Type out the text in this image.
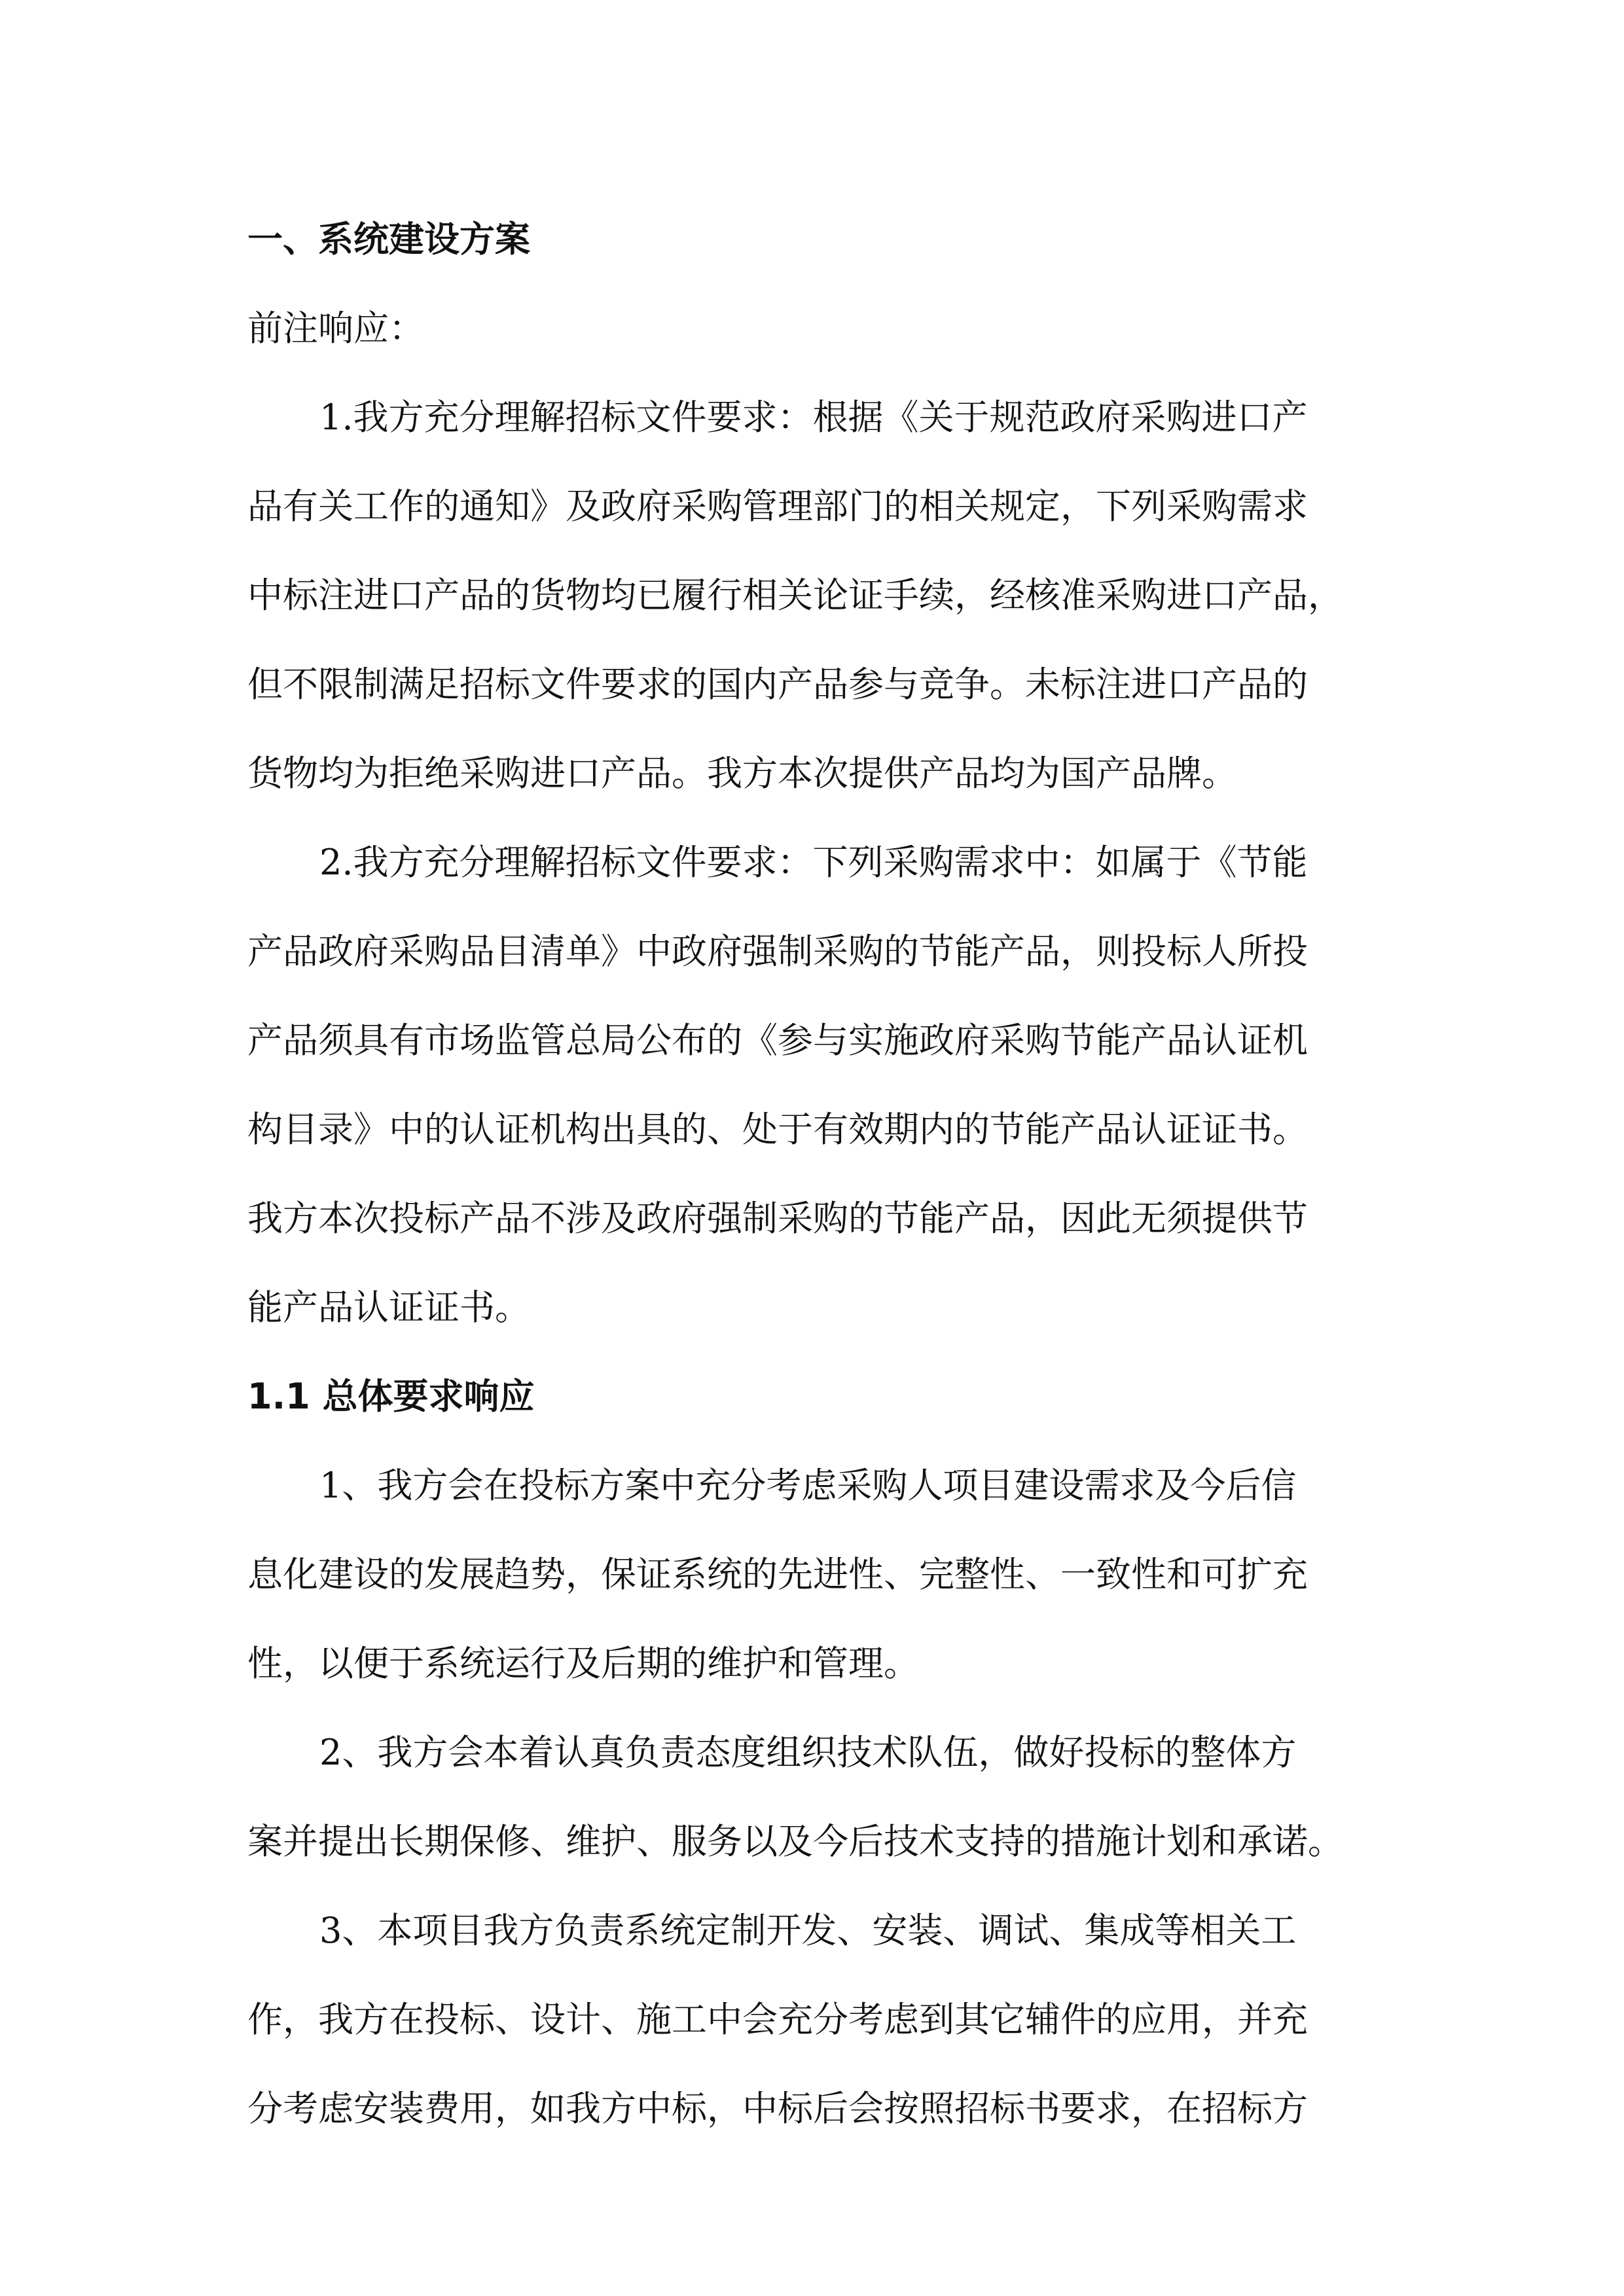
一、系统建设方案
前注响应：
1.我方充分理解招标文件要求：根据《关于规范政府采购进口产
品有关工作的通知》及政府采购管理部门的相关规定，下列采购需求
中标注进口产品的货物均已履行相关论证手续，经核准采购进口产品，
但不限制满足招标文件要求的国内产品参与竞争。未标注进口产品的
货物均为拒绝采购进口产品。我方本次提供产品均为国产品牌。
2.我方充分理解招标文件要求：下列采购需求中：如属于《节能
产品政府采购品目清单》中政府强制采购的节能产品，则投标人所投
产品须具有市场监管总局公布的《参与实施政府采购节能产品认证机
构目录》中的认证机构出具的、处于有效期内的节能产品认证证书。
我方本次投标产品不涉及政府强制采购的节能产品，因此无须提供节
能产品认证证书。
1.1 总体要求响应
1、我方会在投标方案中充分考虑采购人项目建设需求及今后信
息化建设的发展趋势，保证系统的先进性、完整性、一致性和可扩充
性，以便于系统运行及后期的维护和管理。
2、我方会本着认真负责态度组织技术队伍，做好投标的整体方
案并提出长期保修、维护、服务以及今后技术支持的措施计划和承诺。
3、本项目我方负责系统定制开发、安装、调试、集成等相关工
作，我方在投标、设计、施工中会充分考虑到其它辅件的应用，并充
分考虑安装费用，如我方中标，中标后会按照招标书要求，在招标方
